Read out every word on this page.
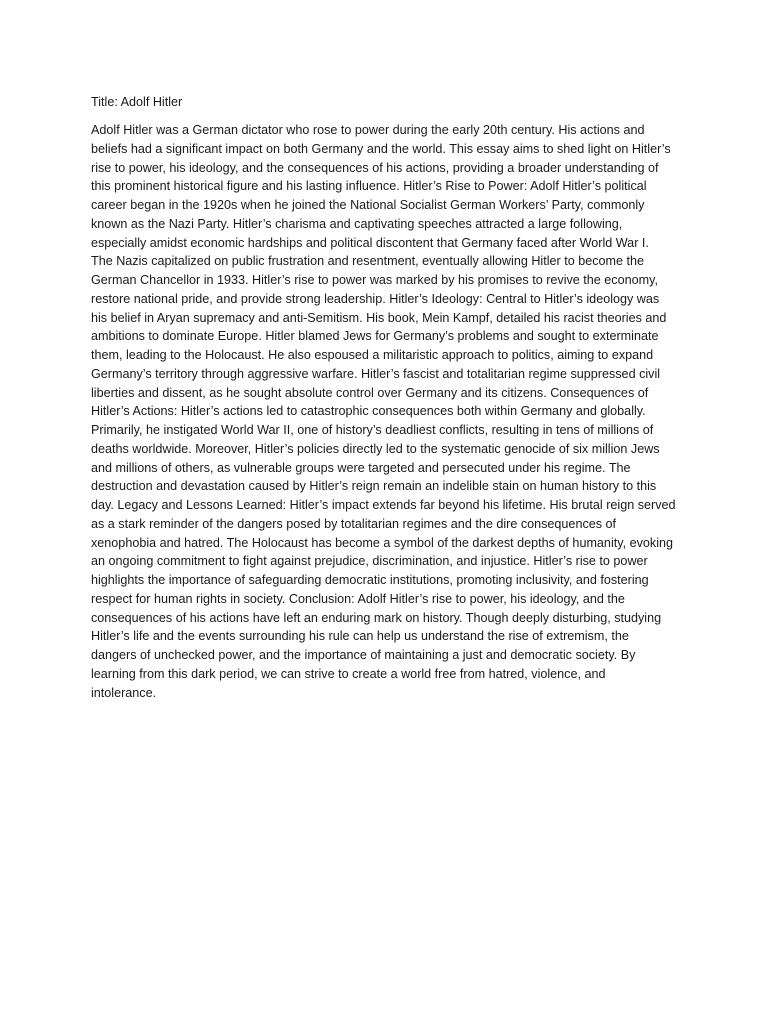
Title: Adolf Hitler
Adolf Hitler was a German dictator who rose to power during the early 20th century. His actions and
beliefs had a significant impact on both Germany and the world. This essay aims to shed light on Hitler’s
rise to power, his ideology, and the consequences of his actions, providing a broader understanding of
this prominent historical figure and his lasting influence. Hitler’s Rise to Power: Adolf Hitler’s political
career began in the 1920s when he joined the National Socialist German Workers’ Party, commonly
known as the Nazi Party. Hitler’s charisma and captivating speeches attracted a large following,
especially amidst economic hardships and political discontent that Germany faced after World War I.
The Nazis capitalized on public frustration and resentment, eventually allowing Hitler to become the
German Chancellor in 1933. Hitler’s rise to power was marked by his promises to revive the economy,
restore national pride, and provide strong leadership. Hitler’s Ideology: Central to Hitler’s ideology was
his belief in Aryan supremacy and anti-Semitism. His book, Mein Kampf, detailed his racist theories and
ambitions to dominate Europe. Hitler blamed Jews for Germany’s problems and sought to exterminate
them, leading to the Holocaust. He also espoused a militaristic approach to politics, aiming to expand
Germany’s territory through aggressive warfare. Hitler’s fascist and totalitarian regime suppressed civil
liberties and dissent, as he sought absolute control over Germany and its citizens. Consequences of
Hitler’s Actions: Hitler’s actions led to catastrophic consequences both within Germany and globally.
Primarily, he instigated World War II, one of history’s deadliest conflicts, resulting in tens of millions of
deaths worldwide. Moreover, Hitler’s policies directly led to the systematic genocide of six million Jews
and millions of others, as vulnerable groups were targeted and persecuted under his regime. The
destruction and devastation caused by Hitler’s reign remain an indelible stain on human history to this
day. Legacy and Lessons Learned: Hitler’s impact extends far beyond his lifetime. His brutal reign served
as a stark reminder of the dangers posed by totalitarian regimes and the dire consequences of
xenophobia and hatred. The Holocaust has become a symbol of the darkest depths of humanity, evoking
an ongoing commitment to fight against prejudice, discrimination, and injustice. Hitler’s rise to power
highlights the importance of safeguarding democratic institutions, promoting inclusivity, and fostering
respect for human rights in society. Conclusion: Adolf Hitler’s rise to power, his ideology, and the
consequences of his actions have left an enduring mark on history. Though deeply disturbing, studying
Hitler’s life and the events surrounding his rule can help us understand the rise of extremism, the
dangers of unchecked power, and the importance of maintaining a just and democratic society. By
learning from this dark period, we can strive to create a world free from hatred, violence, and
intolerance.
